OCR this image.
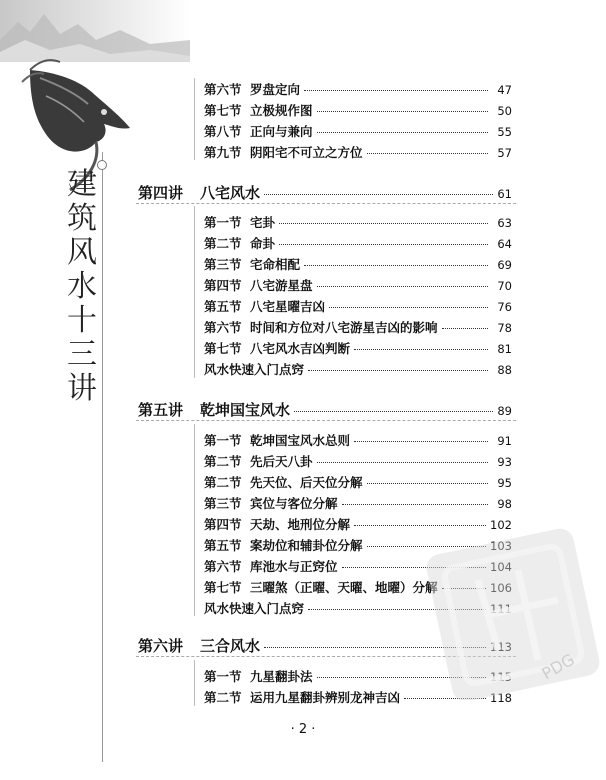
建
筑
风
水
十
三
讲
第六节 罗盘定向	47
第七节 立极规作图	50
第八节 正向与兼向	55
第九节 阴阳宅不可立之方位	57
第四讲	八宅风水	61
第一节 宅卦	63
第二节 命卦	64
第三节 宅命相配	69
第四节 八宅游星盘	70
第五节 八宅星曜吉凶	76
第六节 时间和方位对八宅游星吉凶的影响	78
第七节 八宅风水吉凶判断	81
风水快速入门点窍	88
第五讲	乾坤国宝风水	89
第一节 乾坤国宝风水总则	91
第二节 先后天八卦	93
第二节 先天位、后天位分解	95
第三节 宾位与客位分解	98
第四节 天劫、地刑位分解	102
第五节 案劫位和辅卦位分解	103
第六节 库池水与正窍位	104
第七节 三曜煞（正曜、天曜、地曜）分解	106
风水快速入门点窍	111
第六讲	三合风水	113
第一节 九星翻卦法	115
第二节 运用九星翻卦辨别龙神吉凶	118
PDG
· 2 ·
